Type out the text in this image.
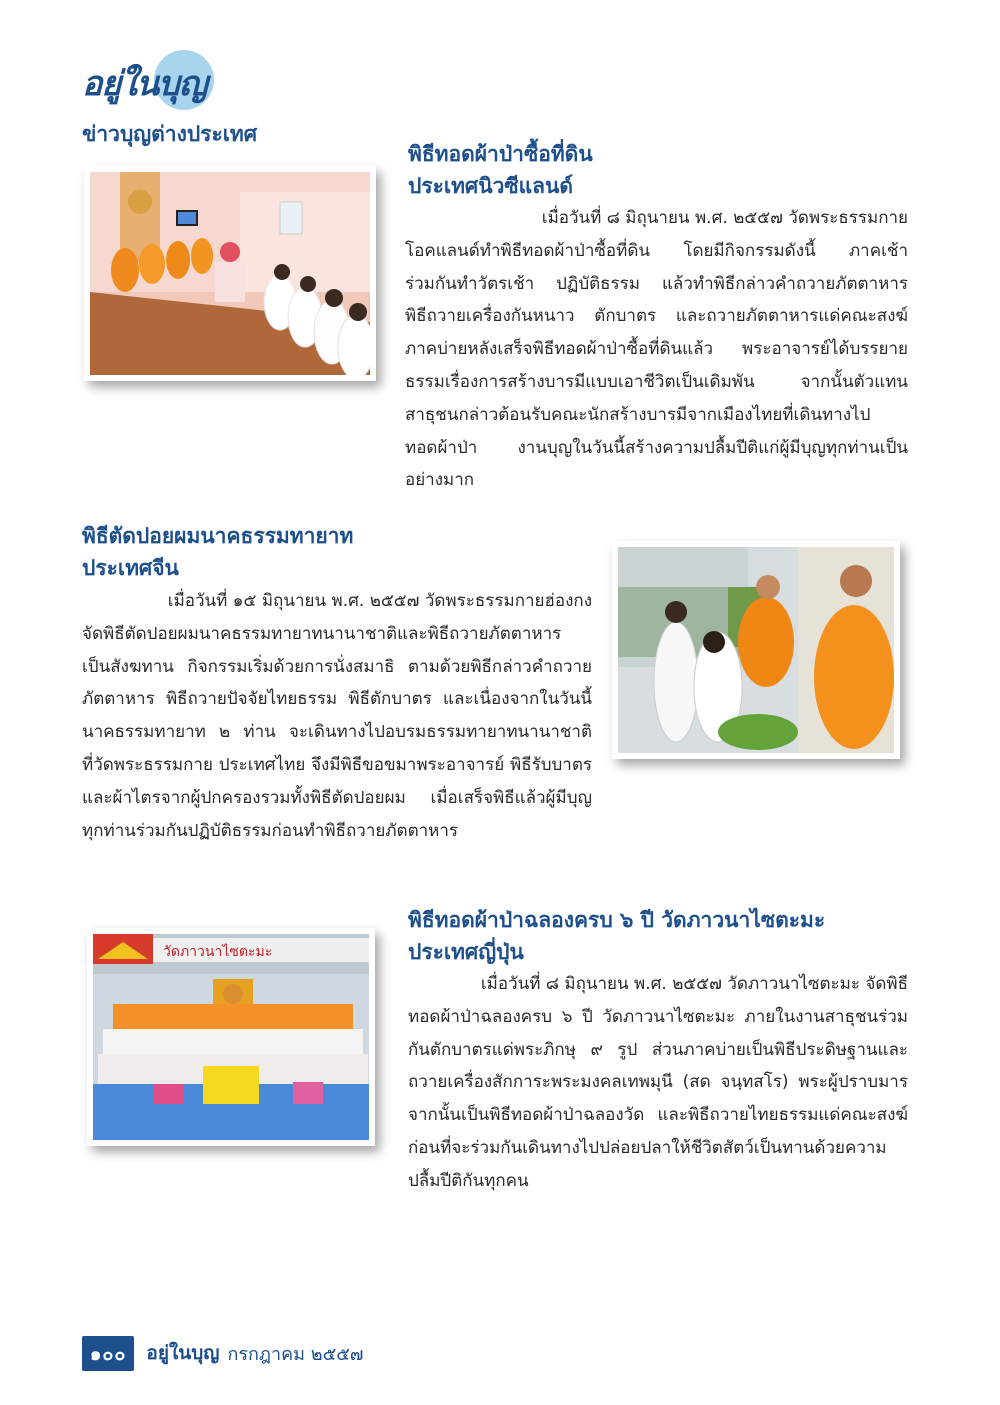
อยู่ในบุญ
ข่าวบุญต่างประเทศ
พิธีทอดผ้าป่าซื้อที่ดิน
ประเทศนิวซีแลนด์
เมื่อวันที่ ๘ มิถุนายน พ.ศ. ๒๕๕๗ วัดพระธรรมกาย
โอคแลนด์ทำพิธีทอดผ้าป่าซื้อที่ดิน โดยมีกิจกรรมดังนี้ ภาคเช้า
ร่วมกันทำวัตรเช้า ปฏิบัติธรรม แล้วทำพิธีกล่าวคำถวายภัตตาหาร
พิธีถวายเครื่องกันหนาว ตักบาตร และถวายภัตตาหารแด่คณะสงฆ์
ภาคบ่ายหลังเสร็จพิธีทอดผ้าป่าซื้อที่ดินแล้ว พระอาจารย์ได้บรรยาย
ธรรมเรื่องการสร้างบารมีแบบเอาชีวิตเป็นเดิมพัน จากนั้นตัวแทน
สาธุชนกล่าวต้อนรับคณะนักสร้างบารมีจากเมืองไทยที่เดินทางไป
ทอดผ้าป่า งานบุญในวันนี้สร้างความปลื้มปีติแก่ผู้มีบุญทุกท่านเป็น
อย่างมาก
พิธีตัดปอยผมนาคธรรมทายาท
ประเทศจีน
เมื่อวันที่ ๑๕ มิถุนายน พ.ศ. ๒๕๕๗ วัดพระธรรมกายฮ่องกง
จัดพิธีตัดปอยผมนาคธรรมทายาทนานาชาติและพิธีถวายภัตตาหาร
เป็นสังฆทาน กิจกรรมเริ่มด้วยการนั่งสมาธิ ตามด้วยพิธีกล่าวคำถวาย
ภัตตาหาร พิธีถวายปัจจัยไทยธรรม พิธีตักบาตร และเนื่องจากในวันนี้
นาคธรรมทายาท ๒ ท่าน จะเดินทางไปอบรมธรรมทายาทนานาชาติ
ที่วัดพระธรรมกาย ประเทศไทย จึงมีพิธีขอขมาพระอาจารย์ พิธีรับบาตร
และผ้าไตรจากผู้ปกครองรวมทั้งพิธีตัดปอยผม เมื่อเสร็จพิธีแล้วผู้มีบุญ
ทุกท่านร่วมกันปฏิบัติธรรมก่อนทำพิธีถวายภัตตาหาร
วัดภาวนาไซตะมะ
พิธีทอดผ้าป่าฉลองครบ ๖ ปี วัดภาวนาไซตะมะ
ประเทศญี่ปุ่น
เมื่อวันที่ ๘ มิถุนายน พ.ศ. ๒๕๕๗ วัดภาวนาไซตะมะ จัดพิธี
ทอดผ้าป่าฉลองครบ ๖ ปี วัดภาวนาไซตะมะ ภายในงานสาธุชนร่วม
กันตักบาตรแด่พระภิกษุ ๙ รูป ส่วนภาคบ่ายเป็นพิธีประดิษฐานและ
ถวายเครื่องสักการะพระมงคลเทพมุนี (สด จนฺทสโร) พระผู้ปราบมาร
จากนั้นเป็นพิธีทอดผ้าป่าฉลองวัด และพิธีถวายไทยธรรมแด่คณะสงฆ์
ก่อนที่จะร่วมกันเดินทางไปปล่อยปลาให้ชีวิตสัตว์เป็นทานด้วยความ
ปลื้มปีติกันทุกคน
๑๐๐	อยู่ในบุญ กรกฎาคม ๒๕๕๗
